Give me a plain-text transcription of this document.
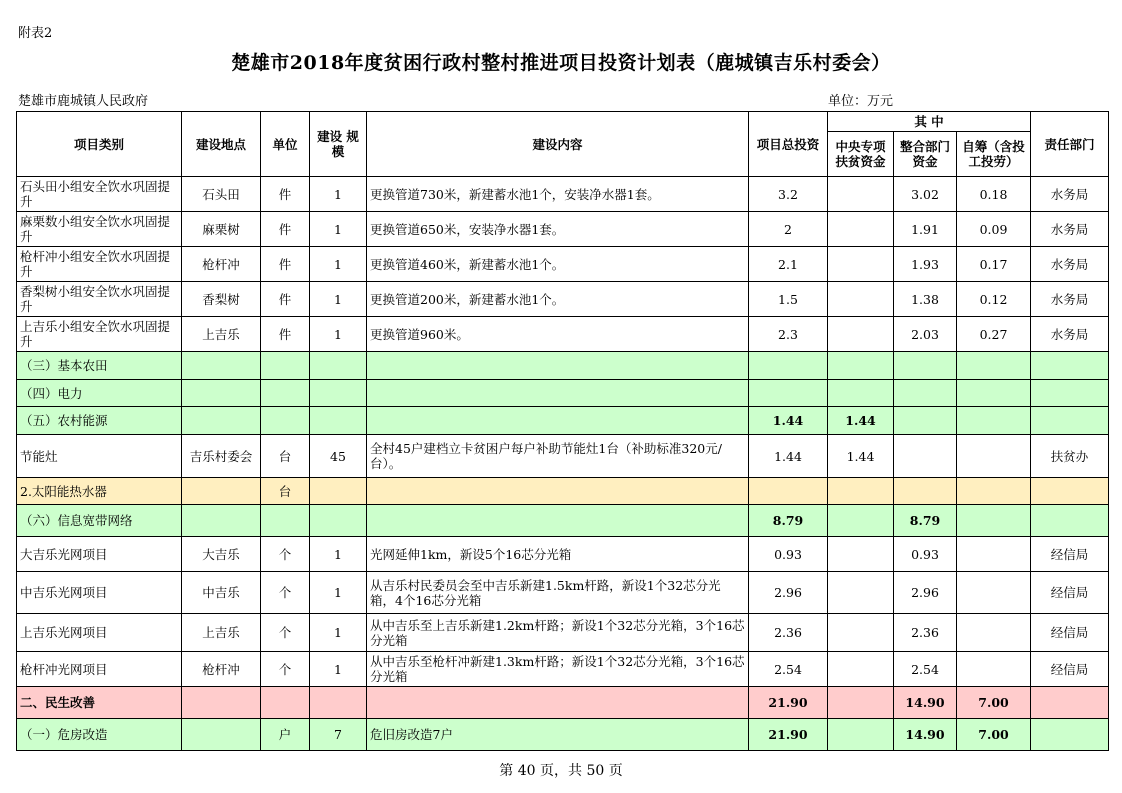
附表2
楚雄市2018年度贫困行政村整村推进项目投资计划表（鹿城镇吉乐村委会）
楚雄市鹿城镇人民政府	单位：万元
项目类别	建设地点	单位	建设 规模	建设内容	项目总投资	其 中			责任部门
						中央专项扶贫资金	整合部门资金	自筹（含投工投劳）	
石头田小组安全饮水巩固提升	石头田	件	1	更换管道730米，新建蓄水池1个，安装净水器1套。	3.2		3.02	0.18	水务局
麻栗数小组安全饮水巩固提升	麻栗树	件	1	更换管道650米，安装净水器1套。	2		1.91	0.09	水务局
枪杆冲小组安全饮水巩固提升	枪杆冲	件	1	更换管道460米，新建蓄水池1个。	2.1		1.93	0.17	水务局
香梨树小组安全饮水巩固提升	香梨树	件	1	更换管道200米，新建蓄水池1个。	1.5		1.38	0.12	水务局
上吉乐小组安全饮水巩固提升	上吉乐	件	1	更换管道960米。	2.3		2.03	0.27	水务局
（三）基本农田									
（四）电力									
（五）农村能源					1.44	1.44			
节能灶	吉乐村委会	台	45	全村45户建档立卡贫困户每户补助节能灶1台（补助标准320元/台）。	1.44	1.44			扶贫办
2.太阳能热水器		台							
（六）信息宽带网络					8.79		8.79		
大吉乐光网项目	大吉乐	个	1	光网延伸1km，新设5个16芯分光箱	0.93		0.93		经信局
中吉乐光网项目	中吉乐	个	1	从吉乐村民委员会至中吉乐新建1.5km杆路，新设1个32芯分光箱，4个16芯分光箱	2.96		2.96		经信局
上吉乐光网项目	上吉乐	个	1	从中吉乐至上吉乐新建1.2km杆路；新设1个32芯分光箱，3个16芯分光箱	2.36		2.36		经信局
枪杆冲光网项目	枪杆冲	个	1	从中吉乐至枪杆冲新建1.3km杆路；新设1个32芯分光箱，3个16芯分光箱	2.54		2.54		经信局
二、民生改善					21.90		14.90	7.00	
（一）危房改造		户	7	危旧房改造7户	21.90		14.90	7.00	
第 40 页，共 50 页
